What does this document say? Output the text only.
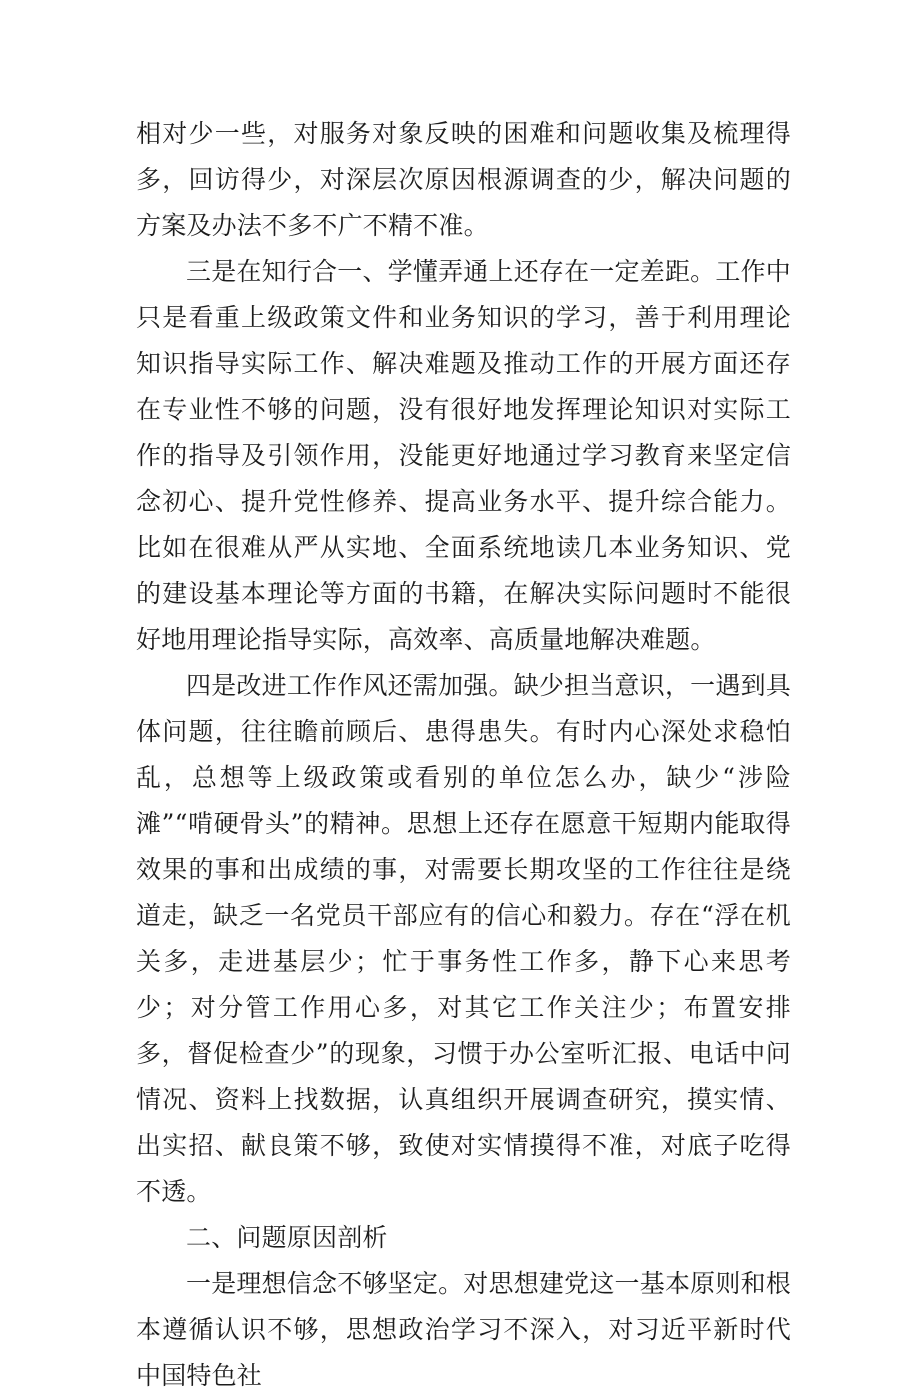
相对少一些，对服务对象反映的困难和问题收集及梳理得多，回访得少，对深层次原因根源调查的少，解决问题的方案及办法不多不广不精不准。

三是在知行合一、学懂弄通上还存在一定差距。工作中只是看重上级政策文件和业务知识的学习，善于利用理论知识指导实际工作、解决难题及推动工作的开展方面还存在专业性不够的问题，没有很好地发挥理论知识对实际工作的指导及引领作用，没能更好地通过学习教育来坚定信念初心、提升党性修养、提高业务水平、提升综合能力。比如在很难从严从实地、全面系统地读几本业务知识、党的建设基本理论等方面的书籍，在解决实际问题时不能很好地用理论指导实际，高效率、高质量地解决难题。

四是改进工作作风还需加强。缺少担当意识，一遇到具体问题，往往瞻前顾后、患得患失。有时内心深处求稳怕乱，总想等上级政策或看别的单位怎么办，缺少“涉险滩”“啃硬骨头”的精神。思想上还存在愿意干短期内能取得效果的事和出成绩的事，对需要长期攻坚的工作往往是绕道走，缺乏一名党员干部应有的信心和毅力。存在“浮在机关多，走进基层少；忙于事务性工作多，静下心来思考少；对分管工作用心多，对其它工作关注少；布置安排多，督促检查少”的现象，习惯于办公室听汇报、电话中问情况、资料上找数据，认真组织开展调查研究，摸实情、出实招、献良策不够，致使对实情摸得不准，对底子吃得不透。

二、问题原因剖析

一是理想信念不够坚定。对思想建党这一基本原则和根本遵循认识不够，思想政治学习不深入，对习近平新时代中国特色社
